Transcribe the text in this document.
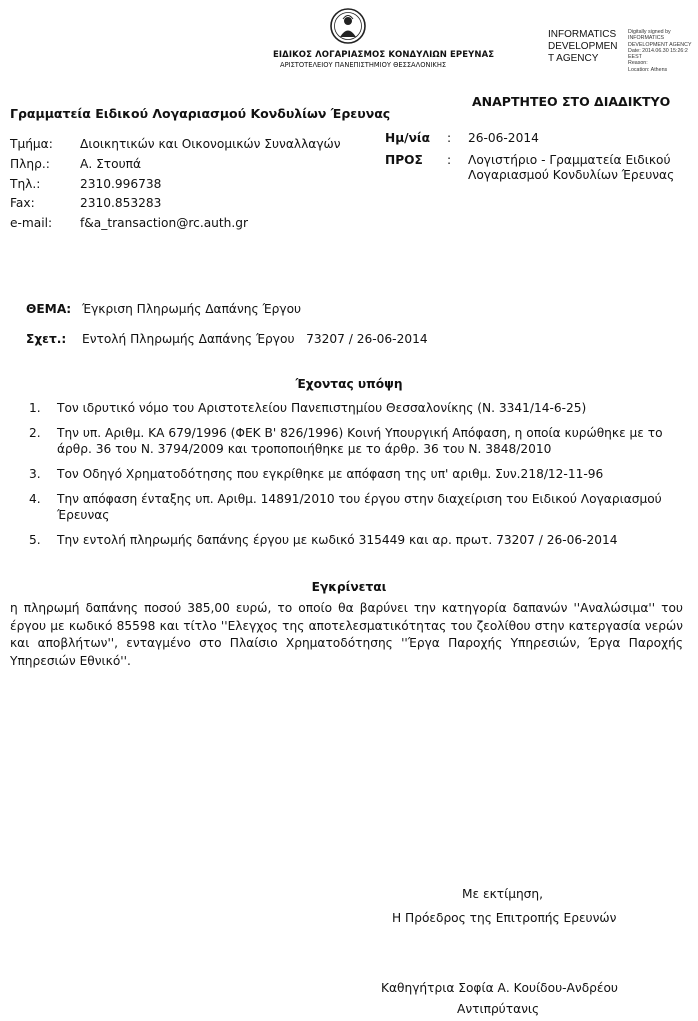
ΕΙΔΙΚΟΣ ΛΟΓΑΡΙΑΣΜΟΣ ΚΟΝΔΥΛΙΩΝ ΕΡΕΥΝΑΣ
ΑΡΙΣΤΟΤΕΛΕΙΟΥ ΠΑΝΕΠΙΣΤΗΜΙΟΥ ΘΕΣΣΑΛΟΝΙΚΗΣ
INFORMATICS
DEVELOPMEN
T AGENCY
Digitally signed by
INFORMATICS
DEVELOPMENT AGENCY
Date: 2014.06.30 15:26:2
EEST
Reason:
Location: Athens
ΑΝΑΡΤΗΤΕΟ ΣΤΟ ΔΙΑΔΙΚΤΥΟ
Γραμματεία Ειδικού Λογαριασμού Κονδυλίων Έρευνας
Τμήμα: Διοικητικών και Οικονομικών Συναλλαγών
Πληρ.: Α. Στουπά
Τηλ.:	2310.996738
Fax:	2310.853283
e-mail: f&a_transaction@rc.auth.gr
Ημ/νία : 26-06-2014
ΠΡΟΣ : Λογιστήριο - Γραμματεία Ειδικού
Λογαριασμού Κονδυλίων Έρευνας
ΘΕΜΑ: Έγκριση Πληρωμής Δαπάνης Έργου
Σχετ.: Εντολή Πληρωμής Δαπάνης Έργου   73207 / 26-06-2014
Έχοντας υπόψη
1. Τον ιδρυτικό νόμο του Αριστοτελείου Πανεπιστημίου Θεσσαλονίκης (Ν. 3341/14-6-25)
2. Την υπ. Αριθμ. ΚΑ 679/1996 (ΦΕΚ Β' 826/1996) Κοινή Υπουργική Απόφαση, η οποία κυρώθηκε με το άρθρ. 36 του Ν. 3794/2009 και τροποποιήθηκε με το άρθρ. 36 του Ν. 3848/2010
3. Τον Οδηγό Χρηματοδότησης που εγκρίθηκε με απόφαση της υπ' αριθμ. Συν.218/12-11-96
4. Την απόφαση ένταξης υπ. Αριθμ. 14891/2010 του έργου στην διαχείριση του Ειδικού Λογαριασμού Έρευνας
5. Την εντολή πληρωμής δαπάνης έργου με κωδικό 315449 και αρ. πρωτ. 73207 / 26-06-2014
Εγκρίνεται
η πληρωμή δαπάνης ποσού 385,00 ευρώ, το οποίο θα βαρύνει την κατηγορία δαπανών ''Αναλώσιμα'' του έργου με κωδικό 85598 και τίτλο ''Ελεγχος της αποτελεσματικότητας του ζεολίθου στην κατεργασία νερών και αποβλήτων'', ενταγμένο στο Πλαίσιο Χρηματοδότησης ''Έργα Παροχής Υπηρεσιών, Έργα Παροχής Υπηρεσιών Εθνικό''.
Με εκτίμηση,
Η Πρόεδρος της Επιτροπής Ερευνών
Καθηγήτρια Σοφία Α. Κουίδου-Ανδρέου
Αντιπρύτανις
